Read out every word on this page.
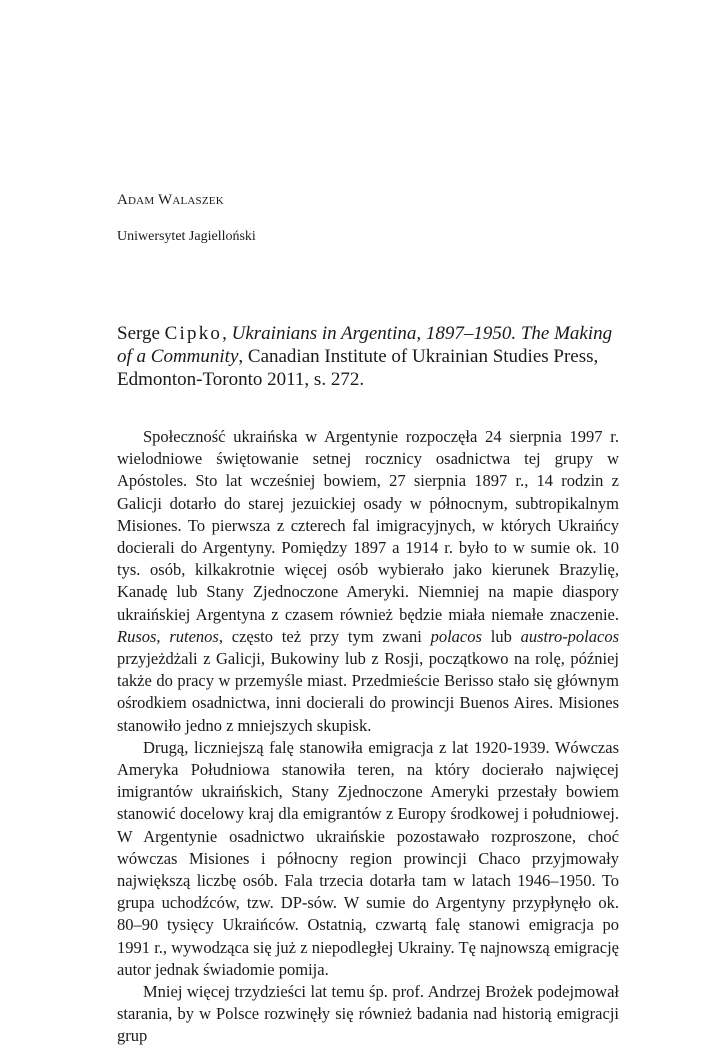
Adam Walaszek
Uniwersytet Jagielloński
Serge Cipko, Ukrainians in Argentina, 1897–1950. The Making of a Community, Canadian Institute of Ukrainian Studies Press, Edmonton-Toronto 2011, s. 272.

Społeczność ukraińska w Argentynie rozpoczęła 24 sierpnia 1997 r. wielodniowe świętowanie setnej rocznicy osadnictwa tej grupy w Apóstoles. Sto lat wcześniej bowiem, 27 sierpnia 1897 r., 14 rodzin z Galicji dotarło do starej jezuickiej osady w północnym, subtropikalnym Misiones. To pierwsza z czterech fal imigracyjnych, w których Ukraińcy docierali do Argentyny. Pomiędzy 1897 a 1914 r. było to w sumie ok. 10 tys. osób, kilkakrotnie więcej osób wybierało jako kierunek Brazylię, Kanadę lub Stany Zjednoczone Ameryki. Niemniej na mapie diaspory ukraińskiej Argentyna z czasem również będzie miała niemałe znaczenie. Rusos, rutenos, często też przy tym zwani polacos lub austro-polacos przyjeżdżali z Galicji, Bukowiny lub z Rosji, początkowo na rolę, później także do pracy w przemyśle miast. Przedmieście Berisso stało się głównym ośrodkiem osadnictwa, inni docierali do prowincji Buenos Aires. Misiones stanowiło jedno z mniejszych skupisk.

Drugą, liczniejszą falę stanowiła emigracja z lat 1920-1939. Wówczas Ameryka Południowa stanowiła teren, na który docierało najwięcej imigrantów ukraińskich, Stany Zjednoczone Ameryki przestały bowiem stanowić docelowy kraj dla emigrantów z Europy środkowej i południowej. W Argentynie osadnictwo ukraińskie pozostawało rozproszone, choć wówczas Misiones i północny region prowincji Chaco przyjmowały największą liczbę osób. Fala trzecia dotarła tam w latach 1946–1950. To grupa uchodźców, tzw. DP-sów. W sumie do Argentyny przypłynęło ok. 80–90 tysięcy Ukraińców. Ostatnią, czwartą falę stanowi emigracja po 1991 r., wywodząca się już z niepodległej Ukrainy. Tę najnowszą emigrację autor jednak świadomie pomija.

Mniej więcej trzydzieści lat temu śp. prof. Andrzej Brożek podejmował starania, by w Polsce rozwinęły się również badania nad historią emigracji grup
